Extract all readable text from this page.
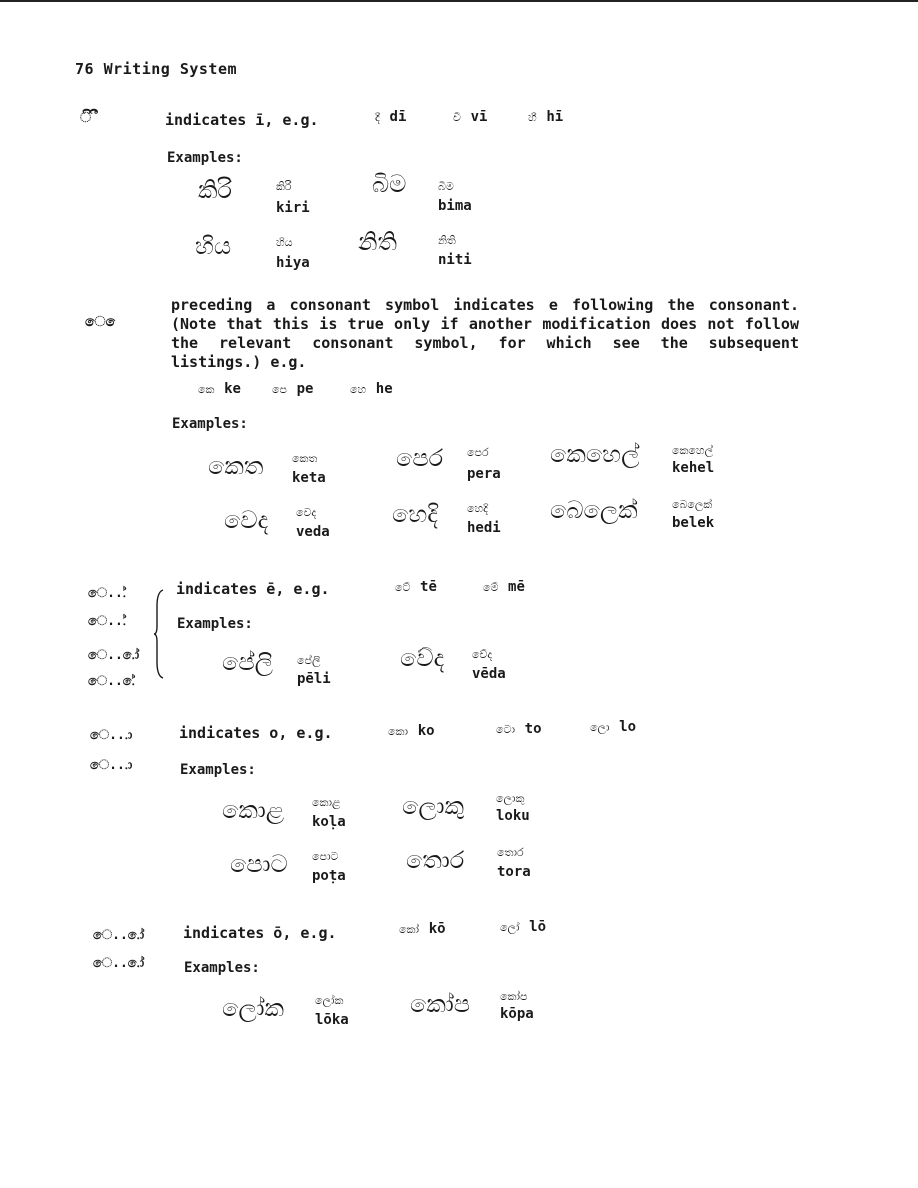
76 Writing System
ි ී	indicates ī, e.g.	දී dī	වී vī	හී hī
Examples:
කිරි	කිරි
kiri
බිම	බිම
bima
හිය	හිය
hiya
නිති	නිති
niti
ෙ ෙ
preceding a consonant symbol indicates e following the consonant. (Note that this is true only if another modification does not follow the relevant consonant symbol, for which see the subsequent listings.) e.g.
කෙ ke	පෙ pe	හෙ he
Examples:
කෙත	කෙත
keta
පෙර පෙර
pera
කෙහෙල්	කෙහෙල්
kehel
වෙද	වෙද
veda
හෙදි	හෙදි
hedi
බෙලෙක්	බෙලෙක්
belek
ෙ...්
ෙ...්
ෙ...ෝ
ෙ...ේ
indicates ē, e.g.	ටේ tē	මේ mē
Examples:
පේලි පේලි
pēli
වේද	වේද
vēda
ෙ...ා
ෙ...ා
indicates o, e.g.	කො ko	ටො to	ලො lo
Examples:
කොළ	කොළ
koḷa
ලොකු	ලොකු
loku
පොට පොට
poṭa
තොර	තොර
tora
ෙ...ෝ
ෙ...ෝ
indicates ō, e.g.	කෝ kō	ලෝ lō
Examples:
ලෝක	ලෝක
lōka
කෝප	කෝප
kōpa
